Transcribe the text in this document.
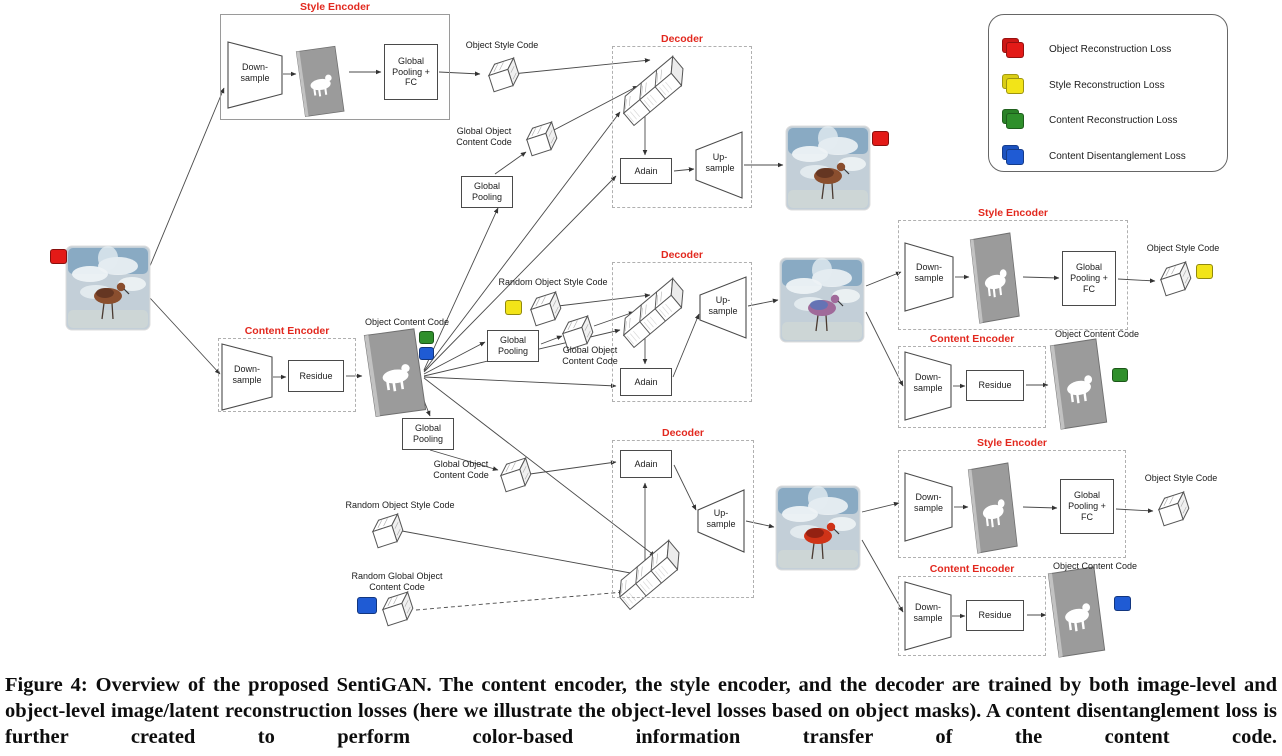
Style Encoder
Content Encoder
Decoder
Decoder
Decoder
Style Encoder
Content Encoder
Style Encoder
Content Encoder
Global Pooling + FC
Global Pooling
Adain
Residue
Global Pooling
Global Pooling
Adain
Adain
Global Pooling + FC
Residue
Global Pooling + FC
Residue
Down-sample
Down-sample
Up-sample
Up-sample
Up-sample
Down-sample
Down-sample
Down-sample
Down-sample
Object Style Code
Global Object Content Code
Object Content Code
Random Object Style Code
Global Object Content Code
Global Object Content Code
Random Object Style Code
Random Global Object Content Code
Object Style Code
Object Content Code
Object Style Code
Object Content Code
Object Reconstruction Loss
Style Reconstruction Loss
Content Reconstruction Loss
Content Disentanglement Loss
Figure 4: Overview of the proposed SentiGAN. The content encoder, the style encoder, and the decoder are trained by both image-level and object-level image/latent reconstruction losses (here we illustrate the object-level losses based on object masks). A content disentanglement loss is further created to perform color-based information transfer of the content code.
